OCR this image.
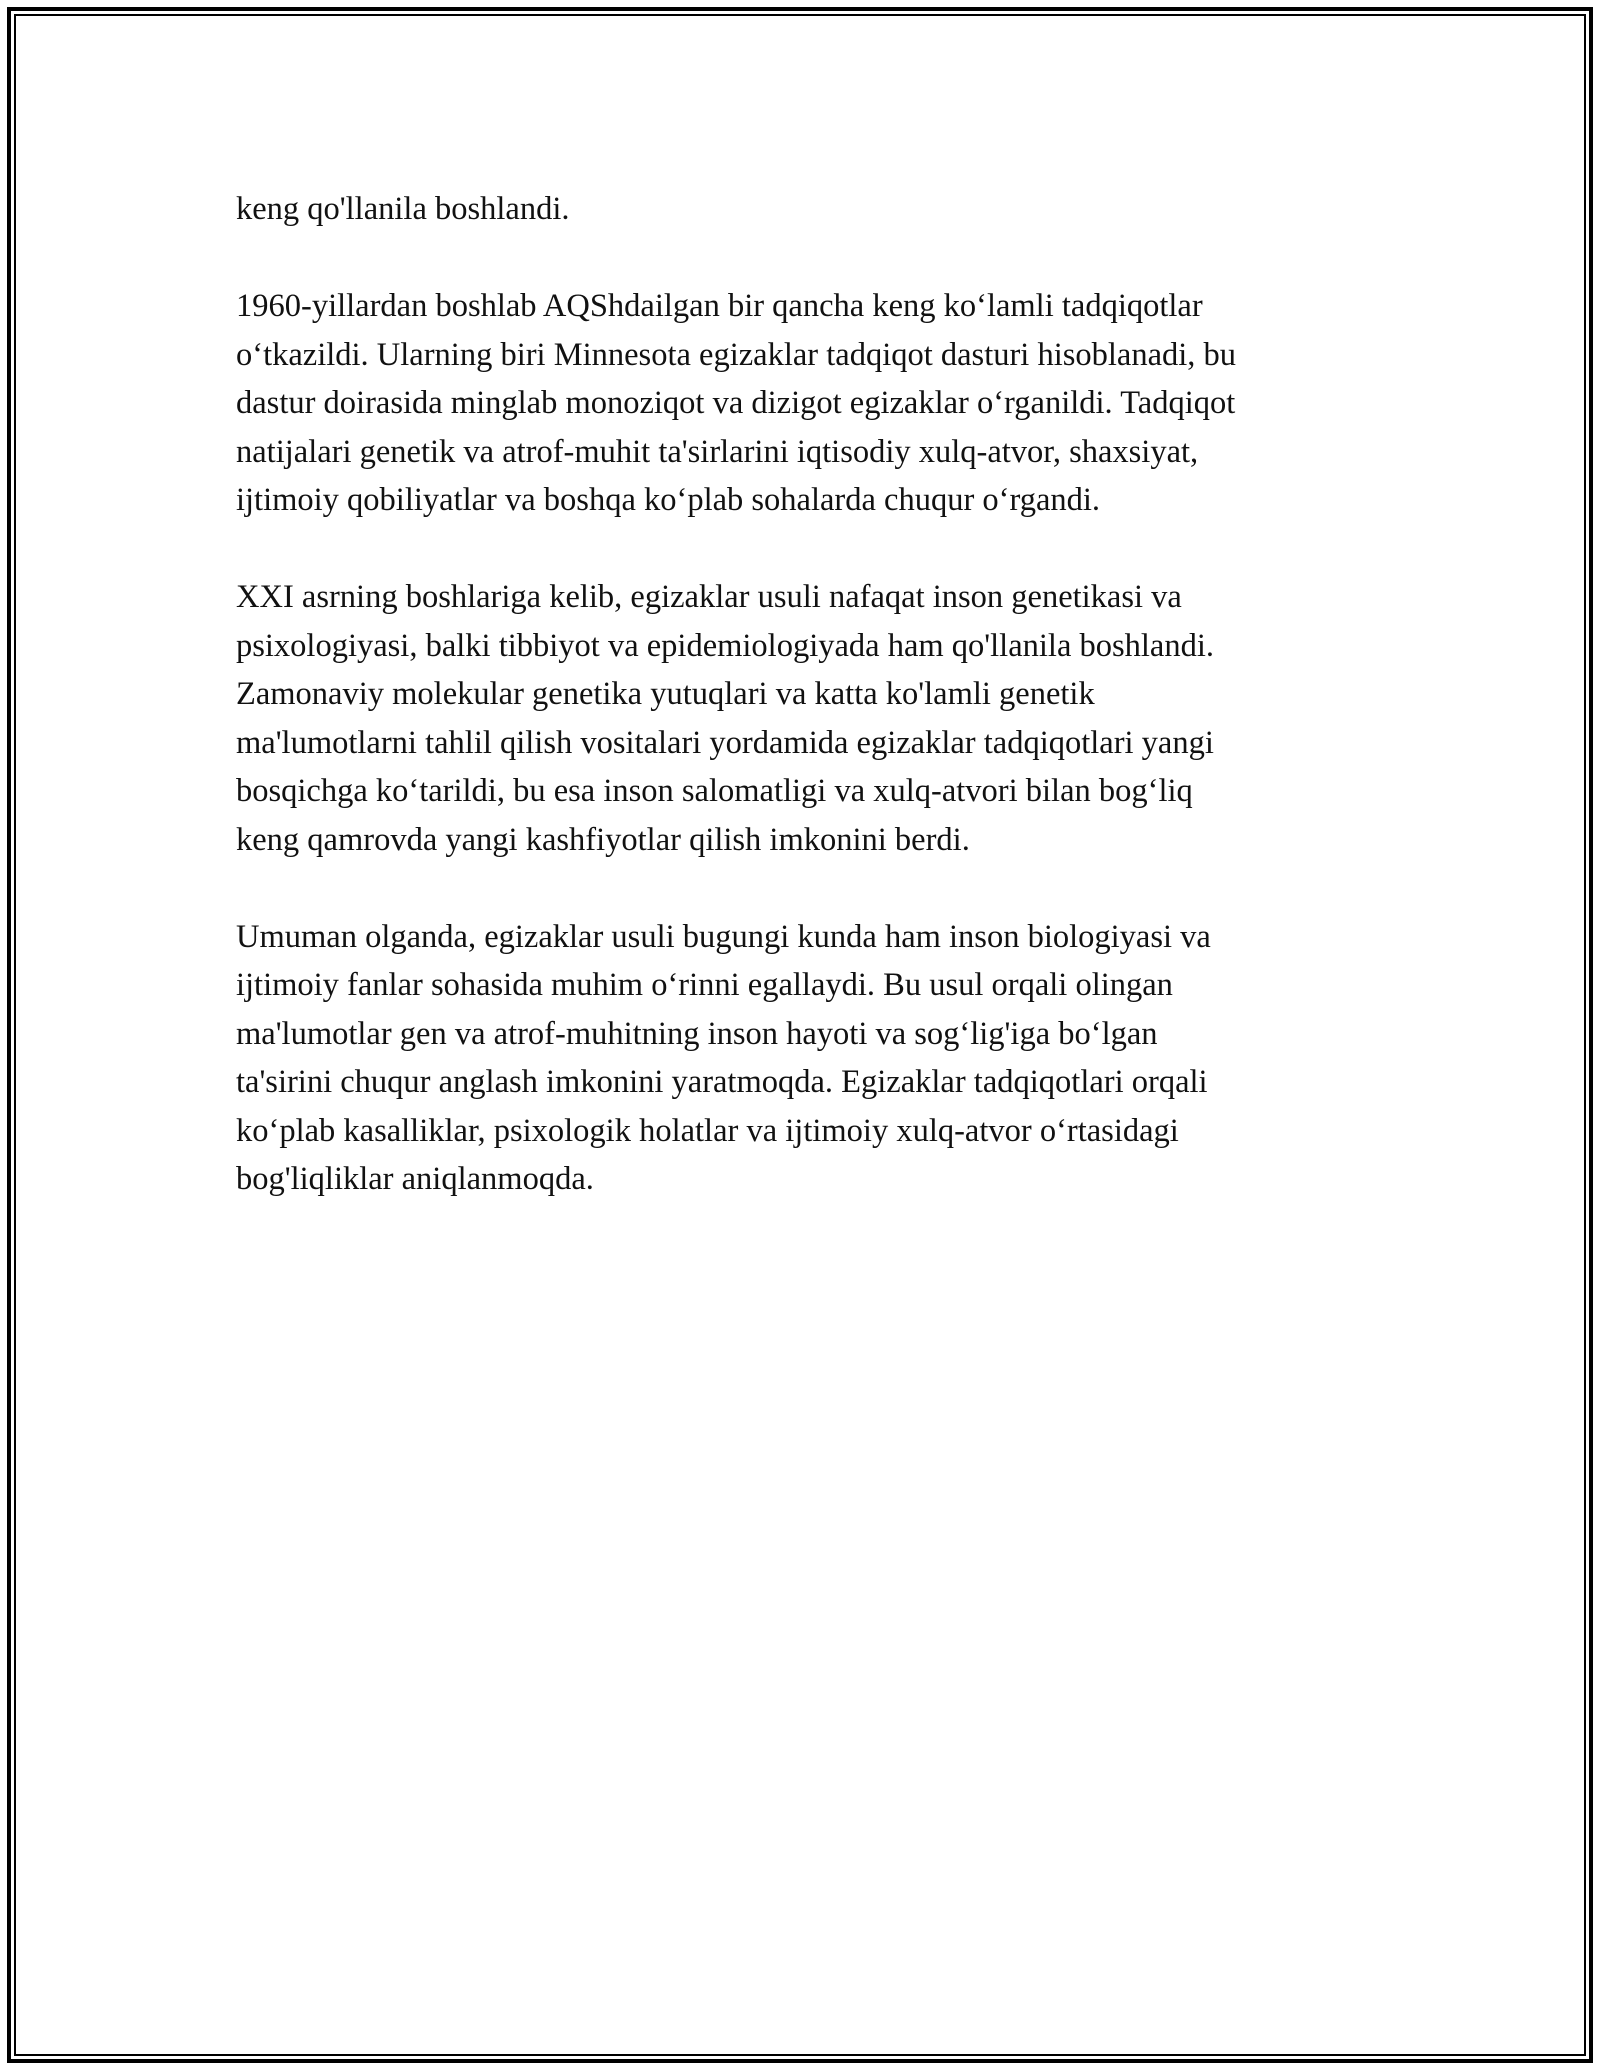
keng qo'llanila boshlandi.

1960-yillardan boshlab AQShdailgan bir qancha keng ko‘lamli tadqiqotlar
o‘tkazildi. Ularning biri Minnesota egizaklar tadqiqot dasturi hisoblanadi, bu
dastur doirasida minglab monoziqot va dizigot egizaklar o‘rganildi. Tadqiqot
natijalari genetik va atrof-muhit ta'sirlarini iqtisodiy xulq-atvor, shaxsiyat,
ijtimoiy qobiliyatlar va boshqa ko‘plab sohalarda chuqur o‘rgandi.

XXI asrning boshlariga kelib, egizaklar usuli nafaqat inson genetikasi va
psixologiyasi, balki tibbiyot va epidemiologiyada ham qo'llanila boshlandi.
Zamonaviy molekular genetika yutuqlari va katta ko'lamli genetik
ma'lumotlarni tahlil qilish vositalari yordamida egizaklar tadqiqotlari yangi
bosqichga ko‘tarildi, bu esa inson salomatligi va xulq-atvori bilan bog‘liq
keng qamrovda yangi kashfiyotlar qilish imkonini berdi.

Umuman olganda, egizaklar usuli bugungi kunda ham inson biologiyasi va
ijtimoiy fanlar sohasida muhim o‘rinni egallaydi. Bu usul orqali olingan
ma'lumotlar gen va atrof-muhitning inson hayoti va sog‘lig'iga bo‘lgan
ta'sirini chuqur anglash imkonini yaratmoqda. Egizaklar tadqiqotlari orqali
ko‘plab kasalliklar, psixologik holatlar va ijtimoiy xulq-atvor o‘rtasidagi
bog'liqliklar aniqlanmoqda.
